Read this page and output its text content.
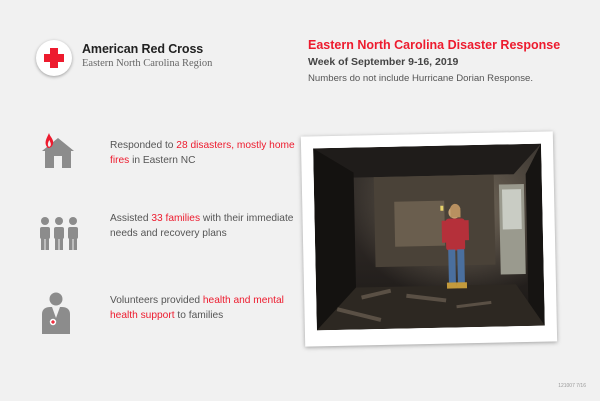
American Red Cross
Eastern North Carolina Region
Eastern North Carolina Disaster Response
Week of September 9-16, 2019
Numbers do not include Hurricane Dorian Response.
Responded to 28 disasters, mostly home fires in Eastern NC
Assisted 33 families with their immediate needs and recovery plans
Volunteers provided health and mental health support to families
121007 7/16
